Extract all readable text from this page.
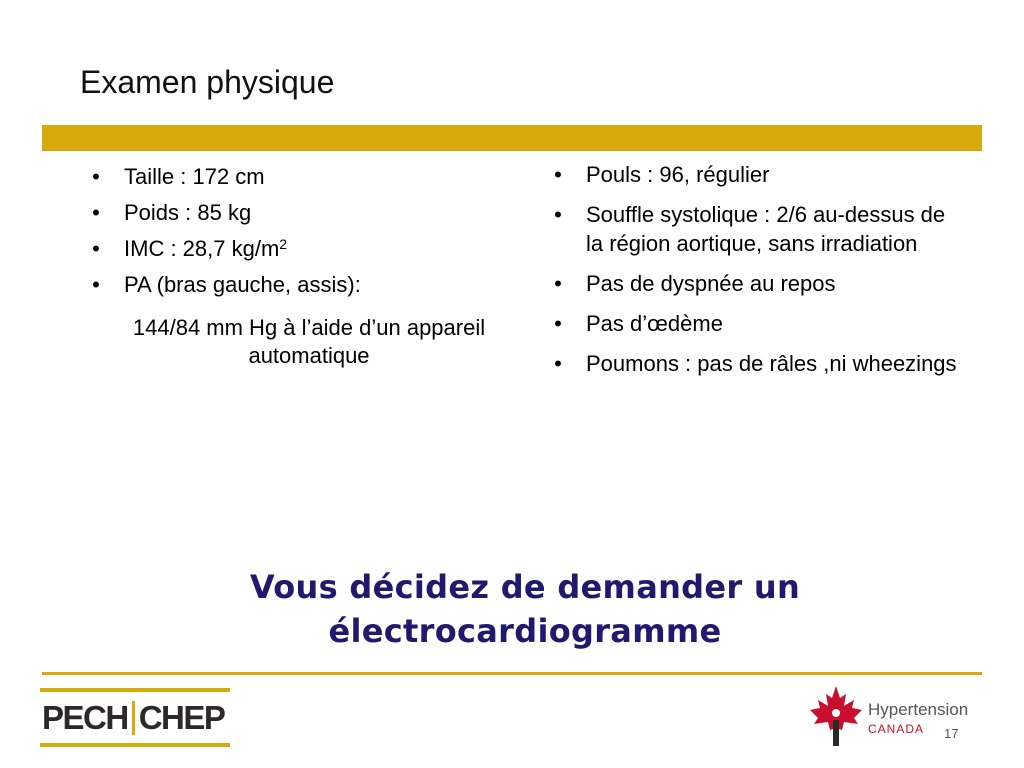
Examen physique
• Taille : 172 cm
• Poids : 85 kg
• IMC : 28,7 $kg/m^2$
• PA (bras gauche, assis):
144/84 mm Hg à l’aide d’un appareil automatique
• Pouls : 96, régulier
• Souffle systolique : 2/6 au-dessus de la région aortique, sans irradiation
• Pas de dyspnée au repos
• Pas d’œdème
• Poumons : pas de râles ,ni wheezings
Vous décidez de demander un
électrocardiogramme
PECH CHEP	Hypertension
CANADA 17
